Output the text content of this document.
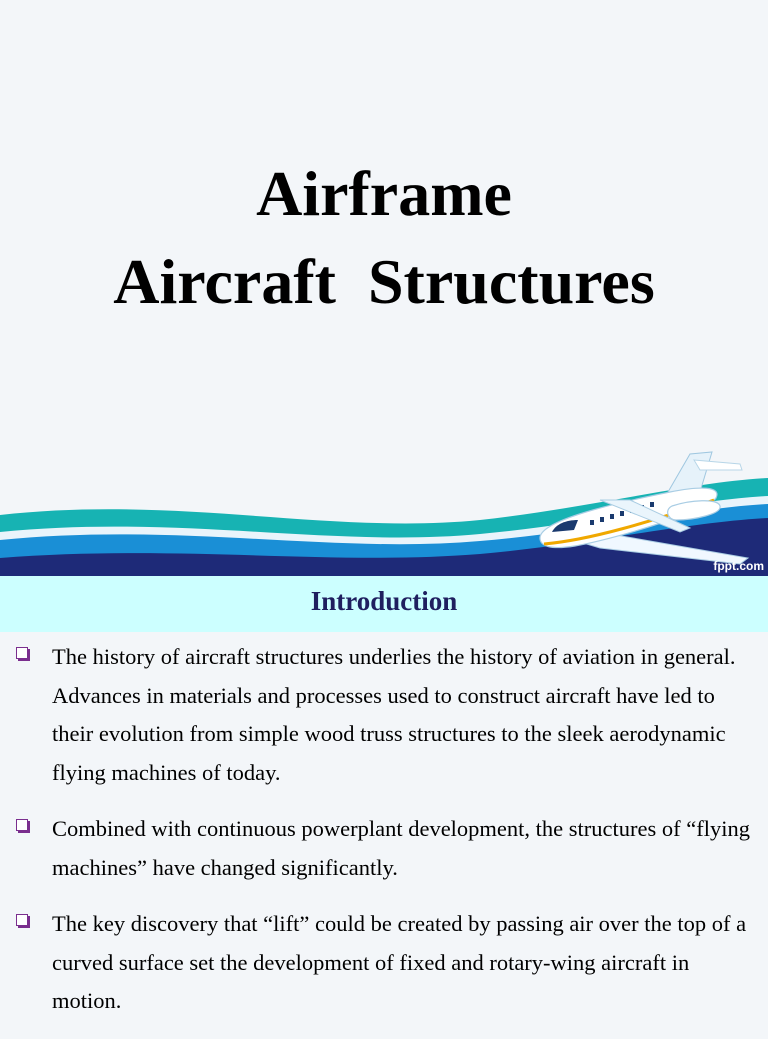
Airframe
Aircraft  Structures
fppt.com
Introduction
The history of aircraft structures underlies the history of aviation in general. Advances in materials and processes used to construct aircraft have led to their evolution from simple wood truss structures to the sleek aerodynamic flying machines of today.
Combined with continuous powerplant development, the structures of “flying machines” have changed significantly.
The key discovery that “lift” could be created by passing air over the top of a curved surface set the development of fixed and rotary-wing aircraft in motion.
